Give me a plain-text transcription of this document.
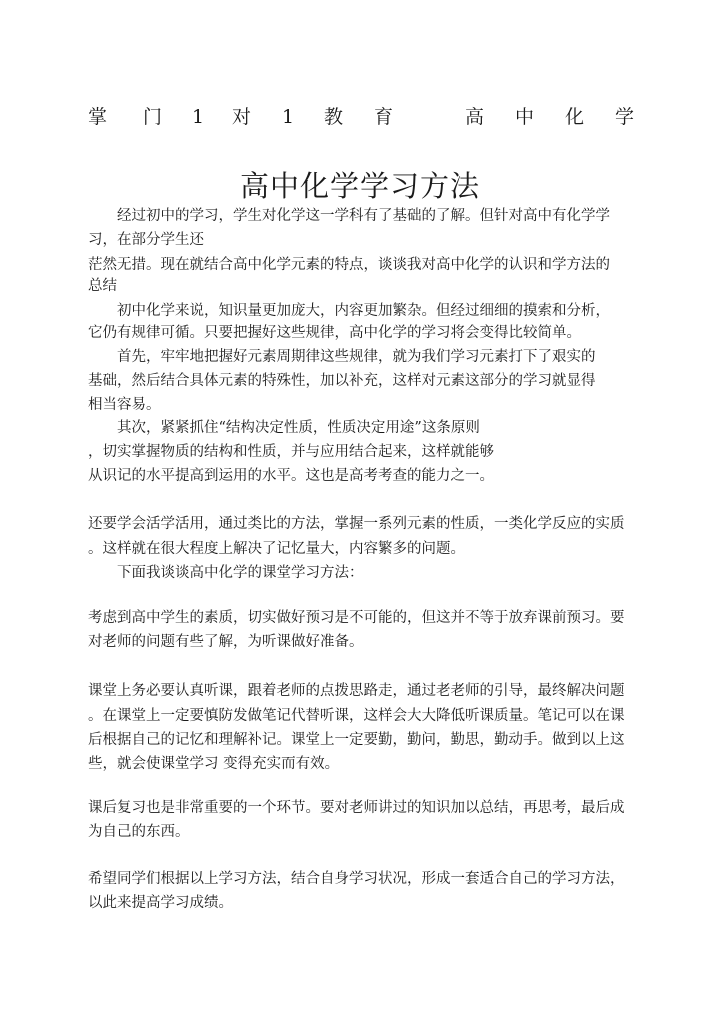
掌 门 1 对 1 教 育	高 中 化 学
高中化学学习方法
　　经过初中的学习，学生对化学这一学科有了基础的了解。但针对高中有化学学
习，在部分学生还
茫然无措。现在就结合高中化学元素的特点，谈谈我对高中化学的认识和学方法的
总结
　　初中化学来说，知识量更加庞大，内容更加繁杂。但经过细细的摸索和分析，
它仍有规律可循。只要把握好这些规律，高中化学的学习将会变得比较简单。
　　首先，牢牢地把握好元素周期律这些规律，就为我们学习元素打下了艰实的
基础，然后结合具体元素的特殊性，加以补充，这样对元素这部分的学习就显得
相当容易。
　　其次，紧紧抓住“结构决定性质，性质决定用途”这条原则
，切实掌握物质的结构和性质，并与应用结合起来，这样就能够
从识记的水平提高到运用的水平。这也是高考考查的能力之一。
还要学会活学活用，通过类比的方法，掌握一系列元素的性质，一类化学反应的实质
。这样就在很大程度上解决了记忆量大，内容繁多的问题。
　　下面我谈谈高中化学的课堂学习方法：
考虑到高中学生的素质，切实做好预习是不可能的，但这并不等于放弃课前预习。要
对老师的问题有些了解，为听课做好准备。
课堂上务必要认真听课，跟着老师的点拨思路走，通过老老师的引导，最终解决问题
。在课堂上一定要慎防发做笔记代替听课，这样会大大降低听课质量。笔记可以在课
后根据自己的记忆和理解补记。课堂上一定要勤，勤问，勤思，勤动手。做到以上这
些，就会使课堂学习 变得充实而有效。
课后复习也是非常重要的一个环节。要对老师讲过的知识加以总结，再思考，最后成
为自己的东西。
希望同学们根据以上学习方法，结合自身学习状况，形成一套适合自己的学习方法，
以此来提高学习成绩。
